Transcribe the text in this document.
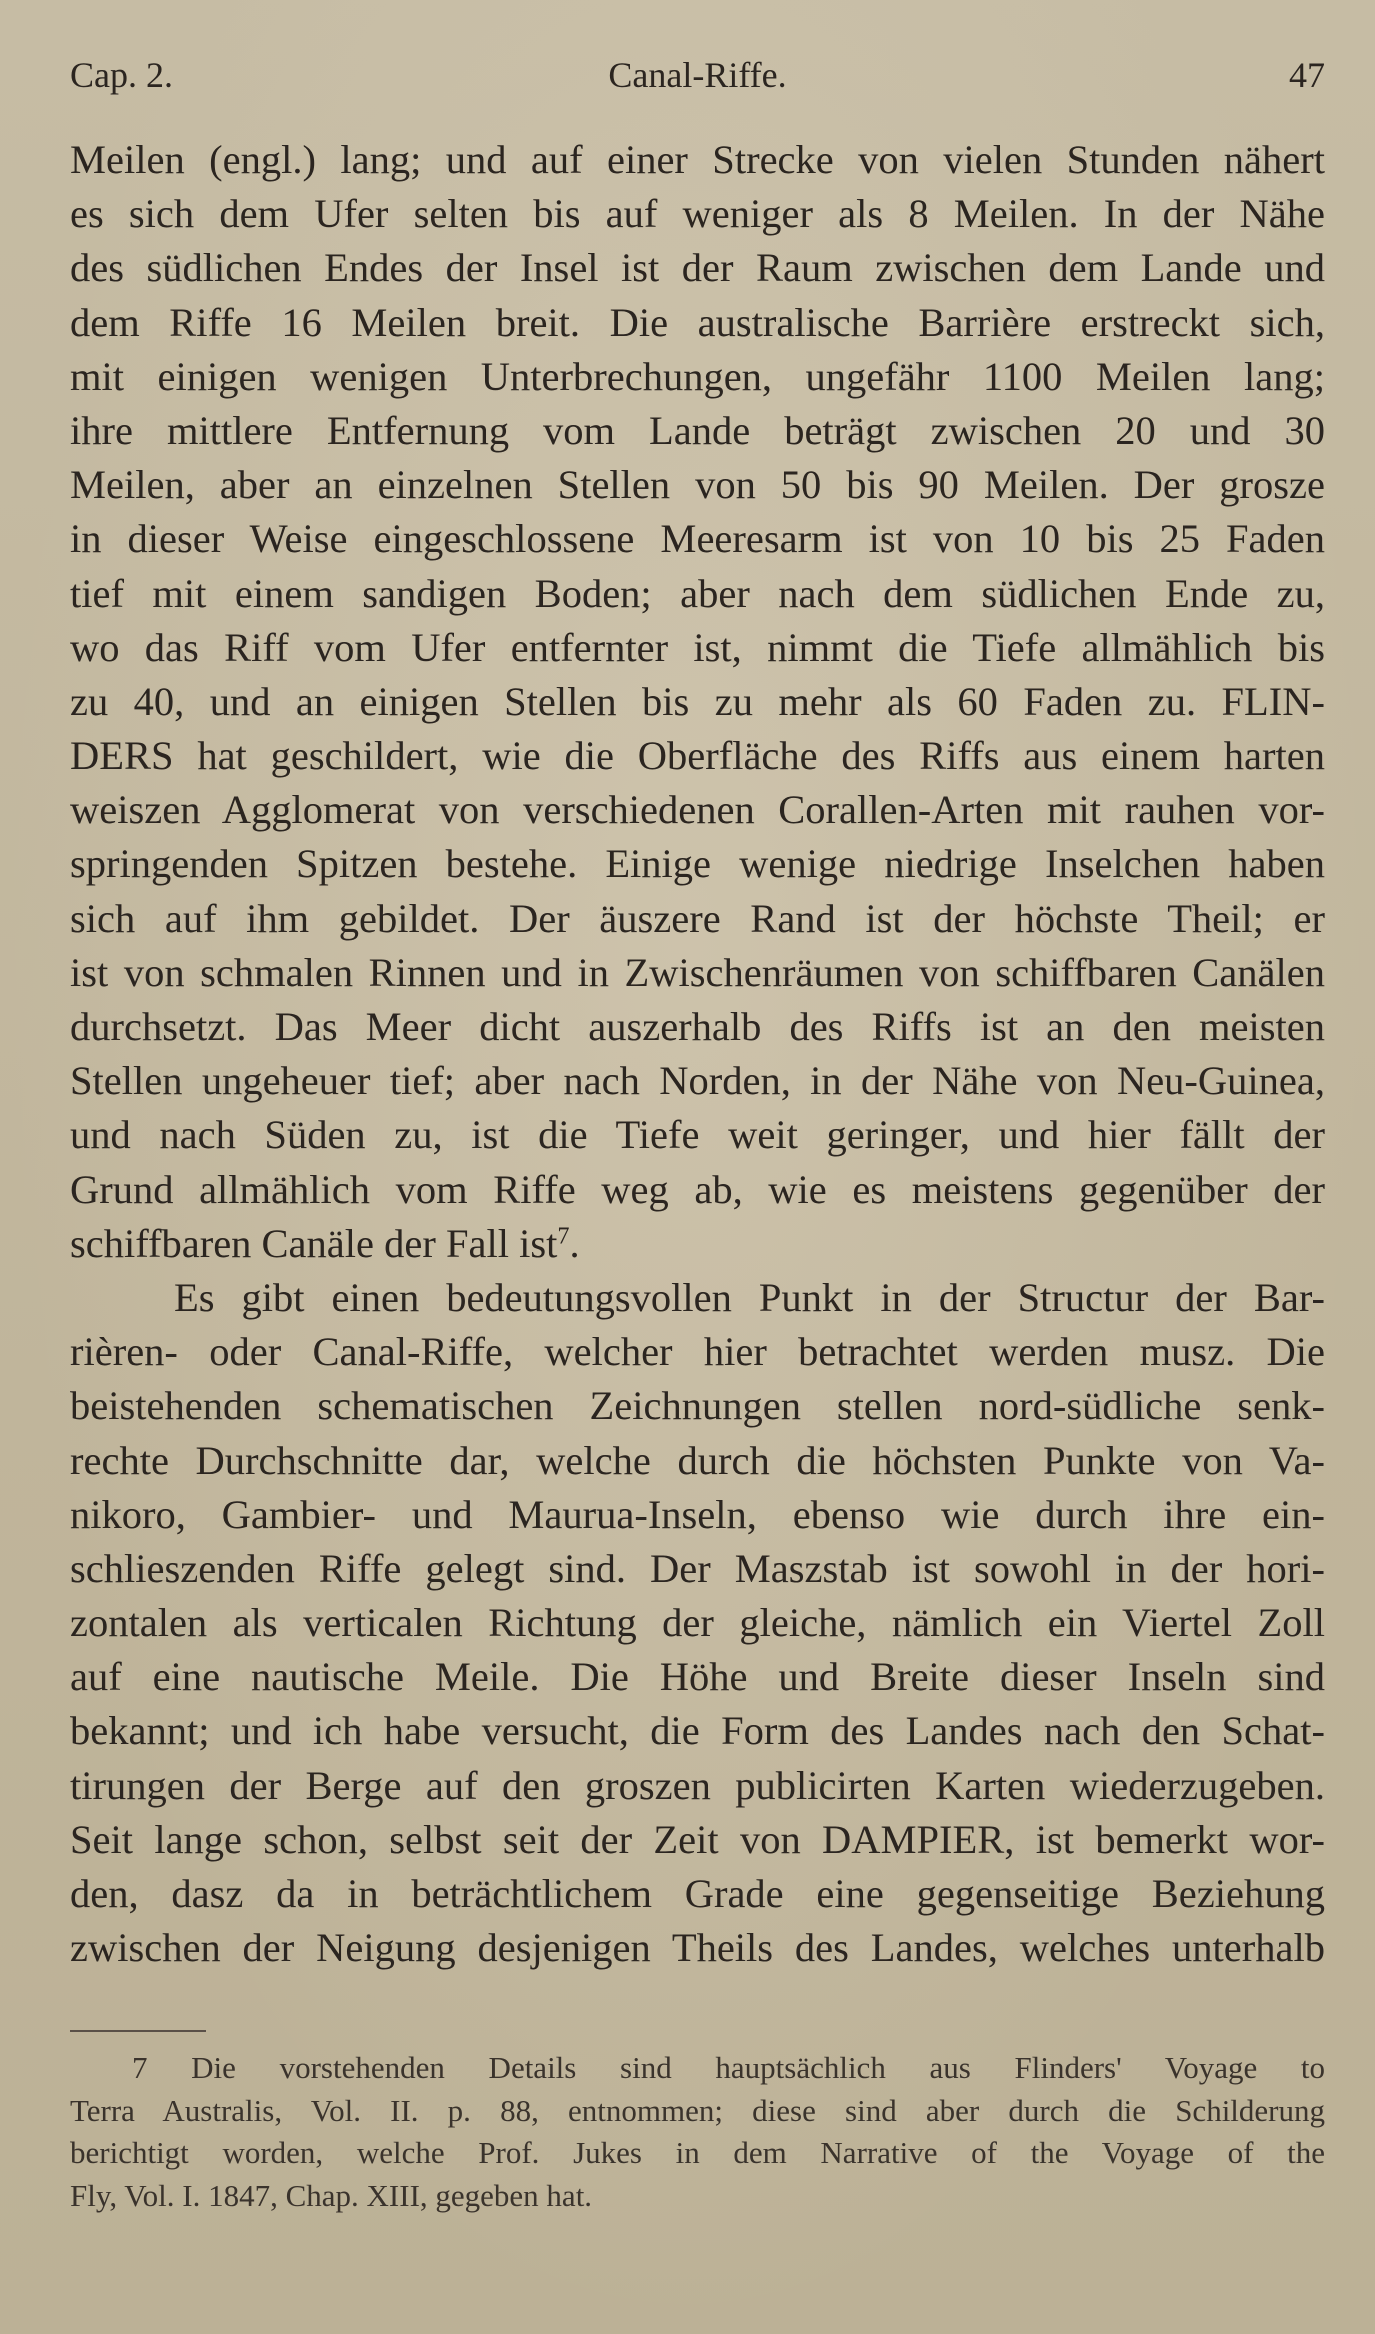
Cap. 2.	Canal-Riffe.	47
Meilen (engl.) lang; und auf einer Strecke von vielen Stunden nähert
es sich dem Ufer selten bis auf weniger als 8 Meilen. In der Nähe
des südlichen Endes der Insel ist der Raum zwischen dem Lande und
dem Riffe 16 Meilen breit. Die australische Barrière erstreckt sich,
mit einigen wenigen Unterbrechungen, ungefähr 1100 Meilen lang;
ihre mittlere Entfernung vom Lande beträgt zwischen 20 und 30
Meilen, aber an einzelnen Stellen von 50 bis 90 Meilen. Der grosze
in dieser Weise eingeschlossene Meeresarm ist von 10 bis 25 Faden
tief mit einem sandigen Boden; aber nach dem südlichen Ende zu,
wo das Riff vom Ufer entfernter ist, nimmt die Tiefe allmählich bis
zu 40, und an einigen Stellen bis zu mehr als 60 Faden zu. FLIN-
DERS hat geschildert, wie die Oberfläche des Riffs aus einem harten
weiszen Agglomerat von verschiedenen Corallen-Arten mit rauhen vor-
springenden Spitzen bestehe. Einige wenige niedrige Inselchen haben
sich auf ihm gebildet. Der äuszere Rand ist der höchste Theil; er
ist von schmalen Rinnen und in Zwischenräumen von schiffbaren Canälen
durchsetzt. Das Meer dicht auszerhalb des Riffs ist an den meisten
Stellen ungeheuer tief; aber nach Norden, in der Nähe von Neu-Guinea,
und nach Süden zu, ist die Tiefe weit geringer, und hier fällt der
Grund allmählich vom Riffe weg ab, wie es meistens gegenüber der
schiffbaren Canäle der Fall ist$^7$.
Es gibt einen bedeutungsvollen Punkt in der Structur der Bar-
rièren- oder Canal-Riffe, welcher hier betrachtet werden musz. Die
beistehenden schematischen Zeichnungen stellen nord-südliche senk-
rechte Durchschnitte dar, welche durch die höchsten Punkte von Va-
nikoro, Gambier- und Maurua-Inseln, ebenso wie durch ihre ein-
schlieszenden Riffe gelegt sind. Der Maszstab ist sowohl in der hori-
zontalen als verticalen Richtung der gleiche, nämlich ein Viertel Zoll
auf eine nautische Meile. Die Höhe und Breite dieser Inseln sind
bekannt; und ich habe versucht, die Form des Landes nach den Schat-
tirungen der Berge auf den groszen publicirten Karten wiederzugeben.
Seit lange schon, selbst seit der Zeit von DAMPIER, ist bemerkt wor-
den, dasz da in beträchtlichem Grade eine gegenseitige Beziehung
zwischen der Neigung desjenigen Theils des Landes, welches unterhalb
7 Die vorstehenden Details sind hauptsächlich aus Flinders' Voyage to
Terra Australis, Vol. II. p. 88, entnommen; diese sind aber durch die Schilderung
berichtigt worden, welche Prof. Jukes in dem Narrative of the Voyage of the
Fly, Vol. I. 1847, Chap. XIII, gegeben hat.
